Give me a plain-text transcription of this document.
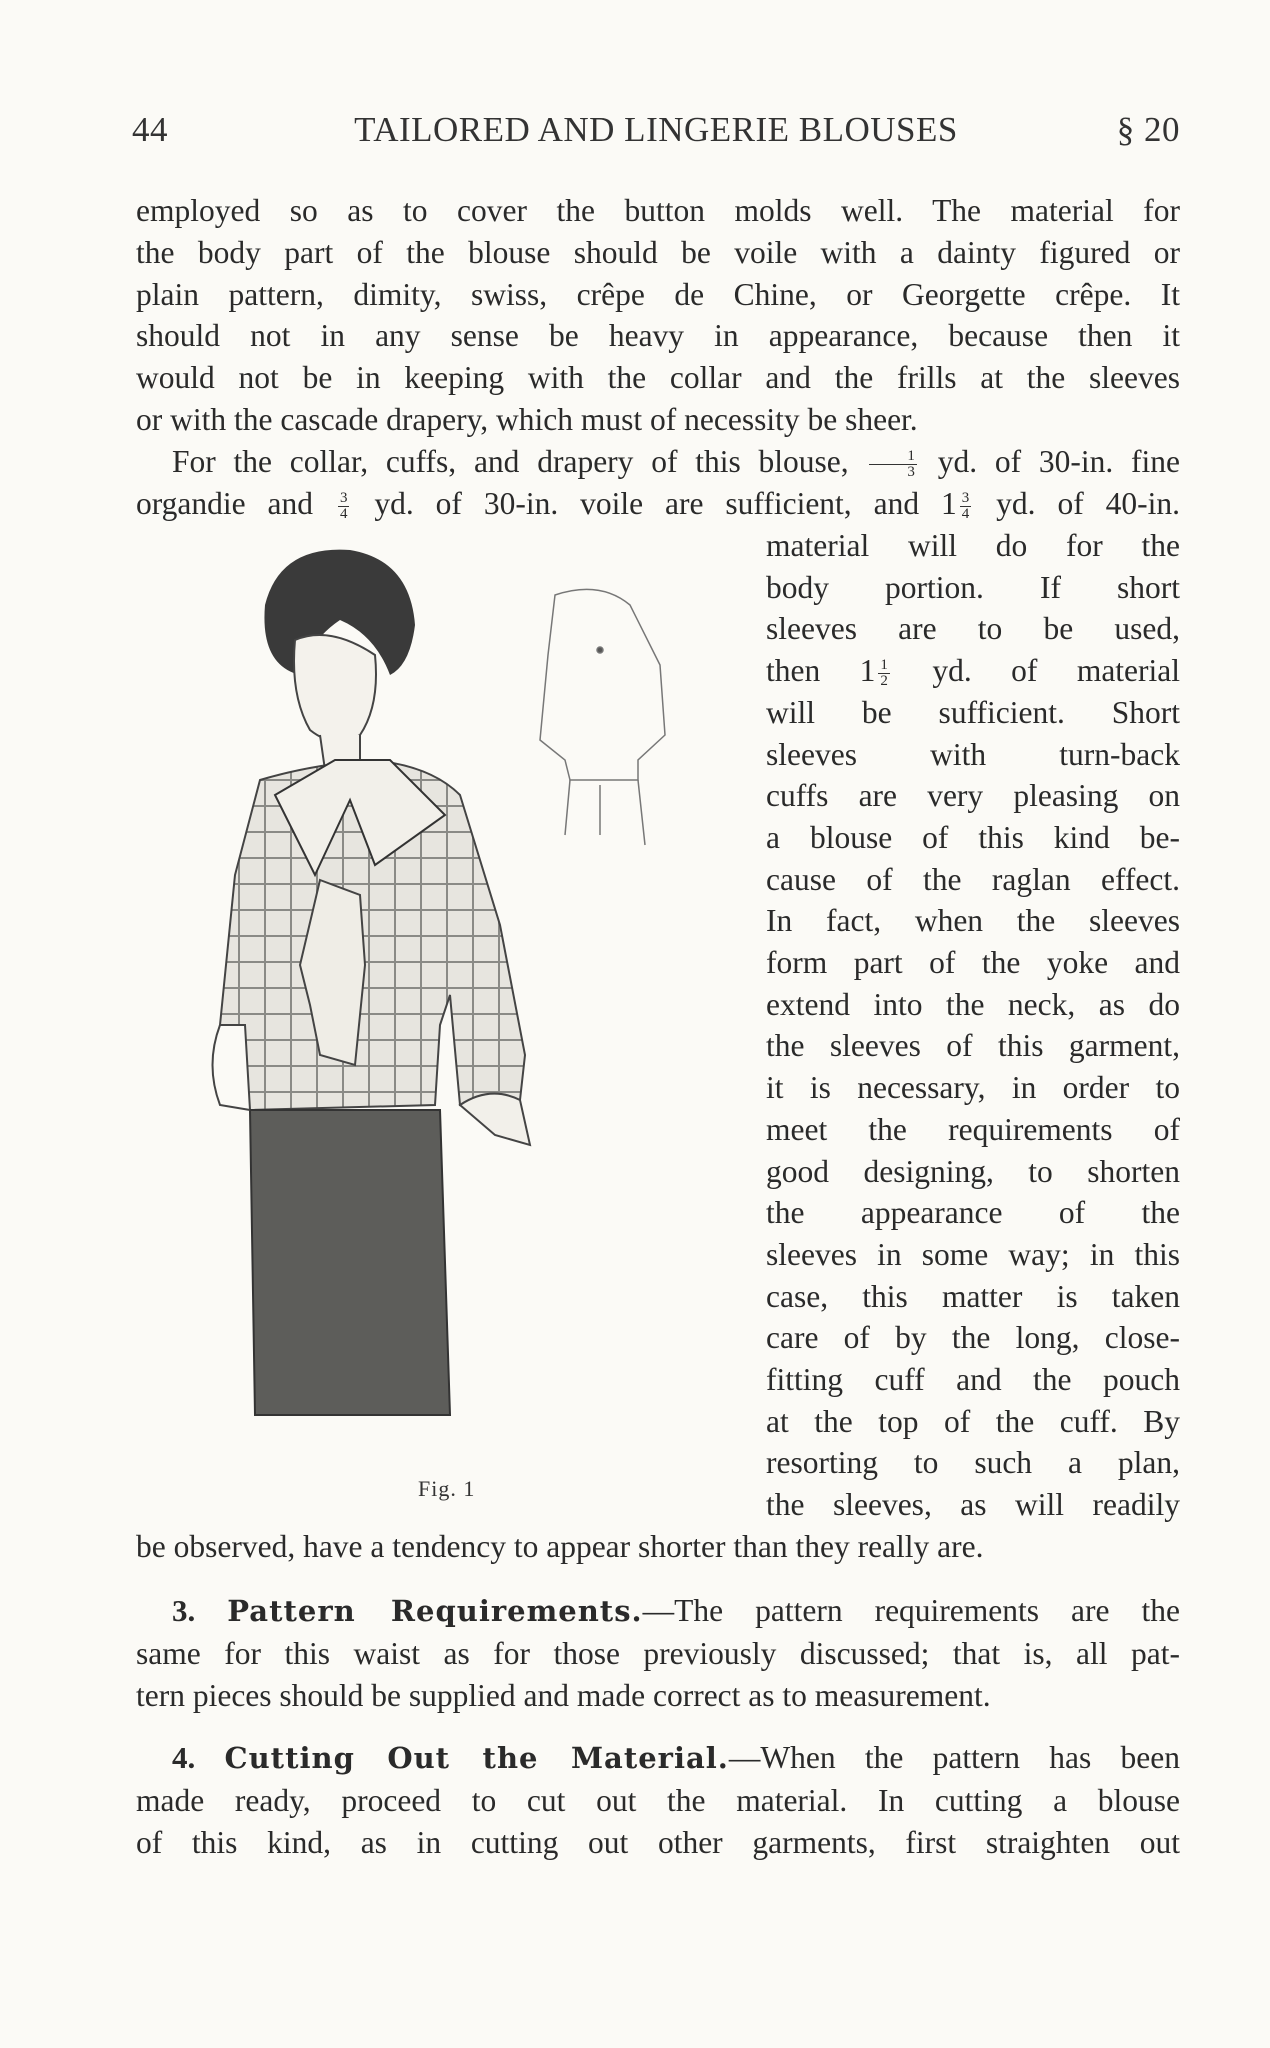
44	TAILORED AND LINGERIE BLOUSES	§ 20

employed so as to cover the button molds well. The material for

the body part of the blouse should be voile with a dainty figured or

plain pattern, dimity, swiss, crêpe de Chine, or Georgette crêpe. It

should not in any sense be heavy in appearance, because then it

would not be in keeping with the collar and the frills at the sleeves

or with the cascade drapery, which must of necessity be sheer.

For the collar, cuffs, and drapery of this blouse, $\frac{1}{3}$ yd. of 30-in. fine

organdie and $\frac{3}{4}$ yd. of 30-in. voile are sufficient, and $1 \frac{3}{4}$ yd. of 40-in.

material will do for the

body portion. If short

sleeves are to be used,

then $1 \frac{1}{2}$ yd. of material

will be sufficient. Short

sleeves with turn-back

cuffs are very pleasing on

a blouse of this kind be-

cause of the raglan effect.

In fact, when the sleeves

form part of the yoke and

extend into the neck, as do

the sleeves of this garment,

it is necessary, in order to

meet the requirements of

good designing, to shorten

the appearance of the

sleeves in some way; in this

case, this matter is taken

care of by the long, close-

fitting cuff and the pouch

at the top of the cuff. By

resorting to such a plan,

the sleeves, as will readily

Fig. 1

be observed, have a tendency to appear shorter than they really are.

3. Pattern Requirements.—The pattern requirements are the

same for this waist as for those previously discussed; that is, all pat-

tern pieces should be supplied and made correct as to measurement.

4. Cutting Out the Material.—When the pattern has been

made ready, proceed to cut out the material. In cutting a blouse

of this kind, as in cutting out other garments, first straighten out
